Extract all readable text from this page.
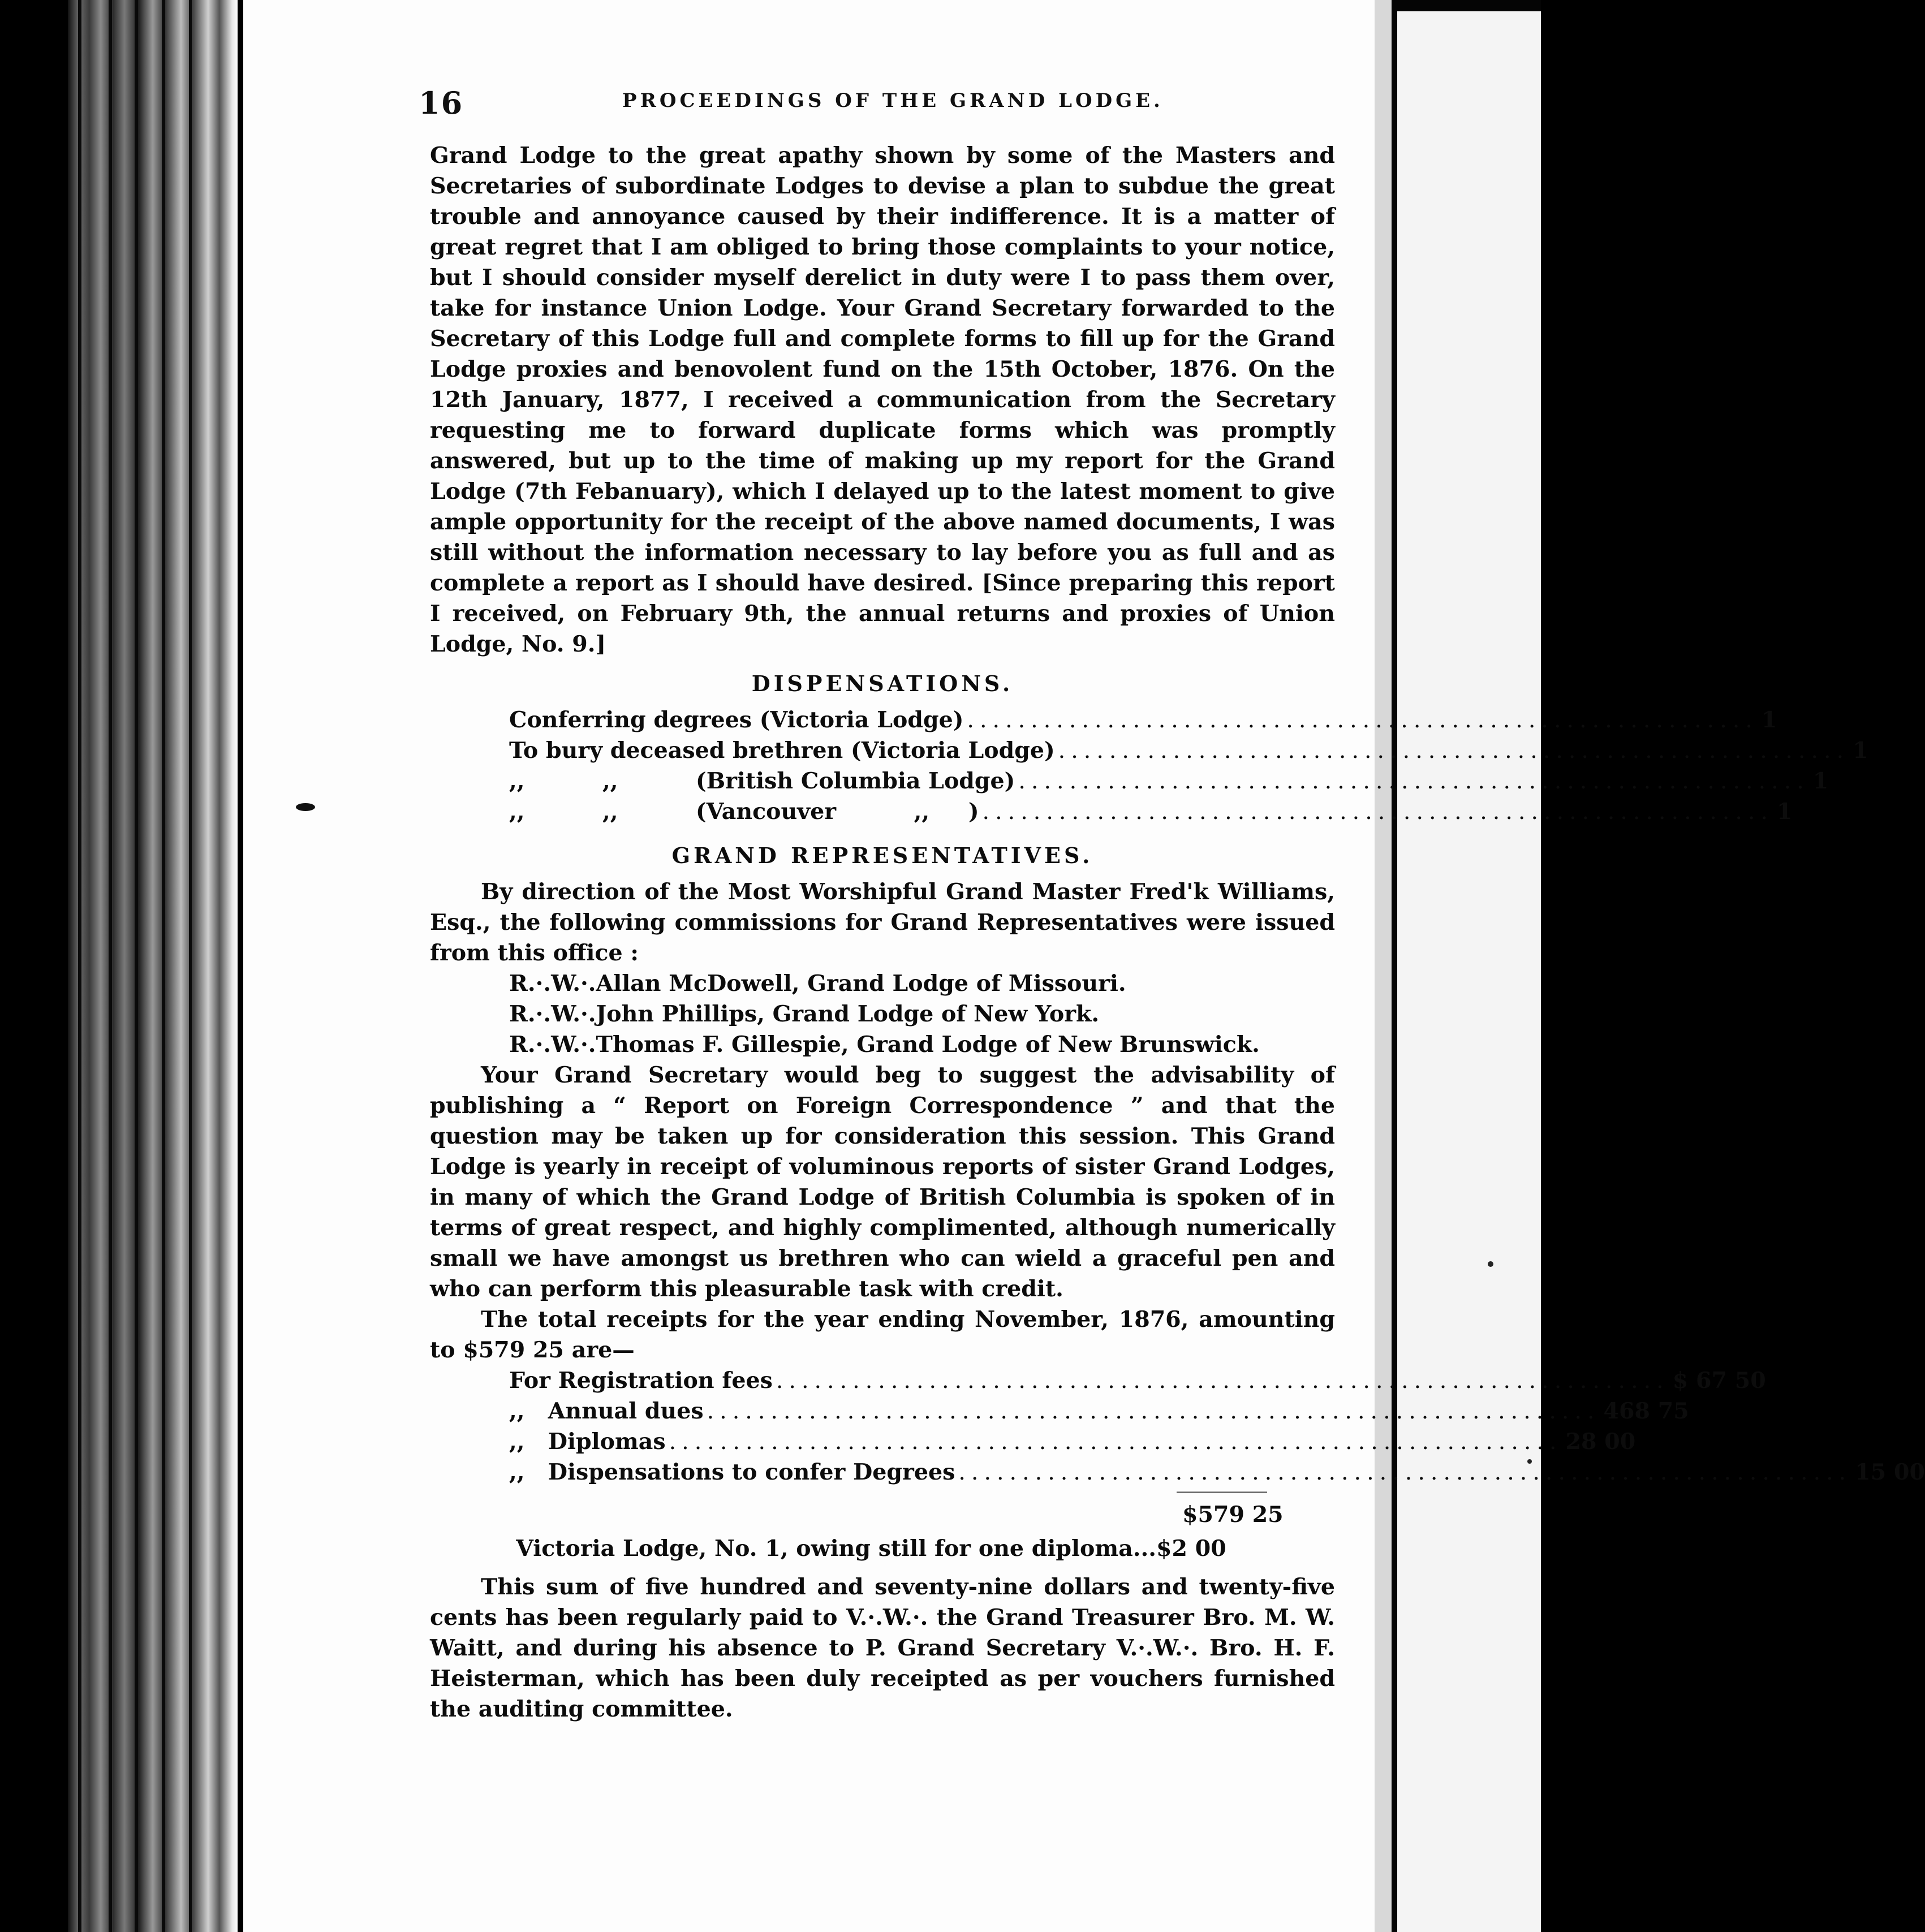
16	PROCEEDINGS OF THE GRAND LODGE.

Grand Lodge to the great apathy shown by some of the Masters and Secretaries of subordinate Lodges to devise a plan to subdue the great trouble and annoyance caused by their indifference. It is a matter of great regret that I am obliged to bring those complaints to your notice, but I should consider myself derelict in duty were I to pass them over, take for instance Union Lodge. Your Grand Secretary forwarded to the Secretary of this Lodge full and complete forms to fill up for the Grand Lodge proxies and benovolent fund on the 15th October, 1876. On the 12th January, 1877, I received a communication from the Secretary requesting me to forward duplicate forms which was promptly answered, but up to the time of making up my report for the Grand Lodge (7th Febanuary), which I delayed up to the latest moment to give ample opportunity for the receipt of the above named documents, I was still without the information necessary to lay before you as full and as complete a report as I should have desired. [Since preparing this report I received, on February 9th, the annual returns and proxies of Union Lodge, No. 9.]

DISPENSATIONS.
Conferring degrees (Victoria Lodge) .............................................................. 1
To bury deceased brethren (Victoria Lodge) .............................................................. 1
,,          ,,          (British Columbia Lodge) .............................................................. 1
,,          ,,          (Vancouver          ,,     ) .............................................................. 1
GRAND REPRESENTATIVES.

By direction of the Most Worshipful Grand Master Fred'k Williams, Esq., the following commissions for Grand Representatives were issued from this office :

R.·.W.·.Allan McDowell, Grand Lodge of Missouri.
R.·.W.·.John Phillips, Grand Lodge of New York.
R.·.W.·.Thomas F. Gillespie, Grand Lodge of New Brunswick.

Your Grand Secretary would beg to suggest the advisability of publishing a “ Report on Foreign Correspondence ” and that the question may be taken up for consideration this session. This Grand Lodge is yearly in receipt of voluminous reports of sister Grand Lodges, in many of which the Grand Lodge of British Columbia is spoken of in terms of great respect, and highly complimented, although numerically small we have amongst us brethren who can wield a graceful pen and who can perform this pleasurable task with credit.

The total receipts for the year ending November, 1876, amounting to $579 25 are—

For Registration fees ...................................................................... $ 67 50
,,   Annual dues ...................................................................... 468 75
,,   Diplomas ...................................................................... 28 00
,,   Dispensations to confer Degrees ...................................................................... 15 00
$579 25
Victoria Lodge, No. 1, owing still for one diploma...$2 00

This sum of five hundred and seventy-nine dollars and twenty-five cents has been regularly paid to V.·.W.·. the Grand Treasurer Bro. M. W. Waitt, and during his absence to P. Grand Secretary V.·.W.·. Bro. H. F. Heisterman, which has been duly receipted as per vouchers furnished the auditing committee.
